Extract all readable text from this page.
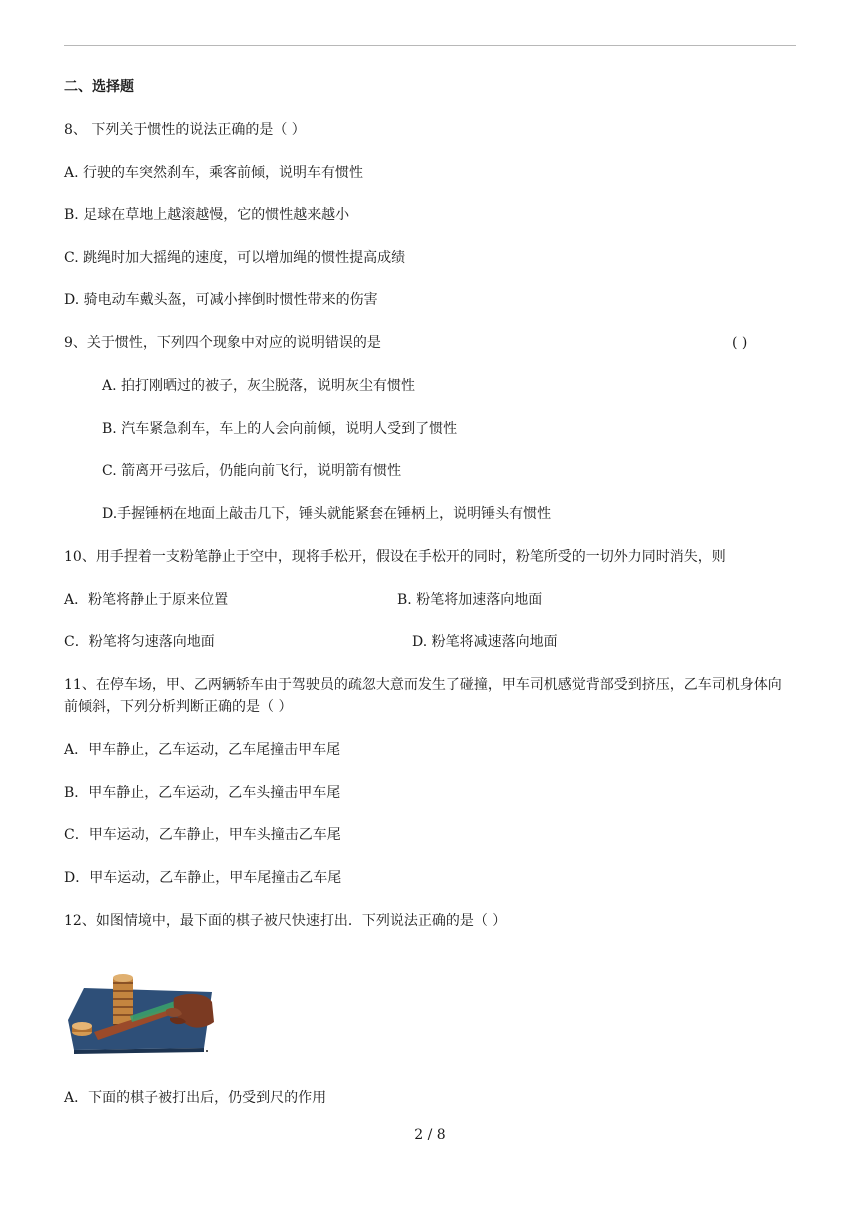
二、选择题
8、 下列关于惯性的说法正确的是（ ）
A. 行驶的车突然刹车，乘客前倾，说明车有惯性
B. 足球在草地上越滚越慢，它的惯性越来越小
C. 跳绳时加大摇绳的速度，可以增加绳的惯性提高成绩
D. 骑电动车戴头盔，可减小摔倒时惯性带来的伤害
9、关于惯性，下列四个现象中对应的说明错误的是	( )
A. 拍打刚晒过的被子，灰尘脱落，说明灰尘有惯性
B. 汽车紧急刹车，车上的人会向前倾，说明人受到了惯性
C. 箭离开弓弦后，仍能向前飞行，说明箭有惯性
D.手握锤柄在地面上敲击几下，锤头就能紧套在锤柄上，说明锤头有惯性
10、用手捏着一支粉笔静止于空中，现将手松开，假设在手松开的同时，粉笔所受的一切外力同时消失，则
A．粉笔将静止于原来位置	B. 粉笔将加速落向地面
C．粉笔将匀速落向地面	D. 粉笔将减速落向地面
11、在停车场，甲、乙两辆轿车由于驾驶员的疏忽大意而发生了碰撞，甲车司机感觉背部受到挤压，乙车司机身体向
前倾斜，下列分析判断正确的是（ ）
A．甲车静止，乙车运动，乙车尾撞击甲车尾
B．甲车静止，乙车运动，乙车头撞击甲车尾
C．甲车运动，乙车静止，甲车头撞击乙车尾
D．甲车运动，乙车静止，甲车尾撞击乙车尾
12、如图情境中，最下面的棋子被尺快速打出．下列说法正确的是（ ）
A．下面的棋子被打出后，仍受到尺的作用
2 / 8
